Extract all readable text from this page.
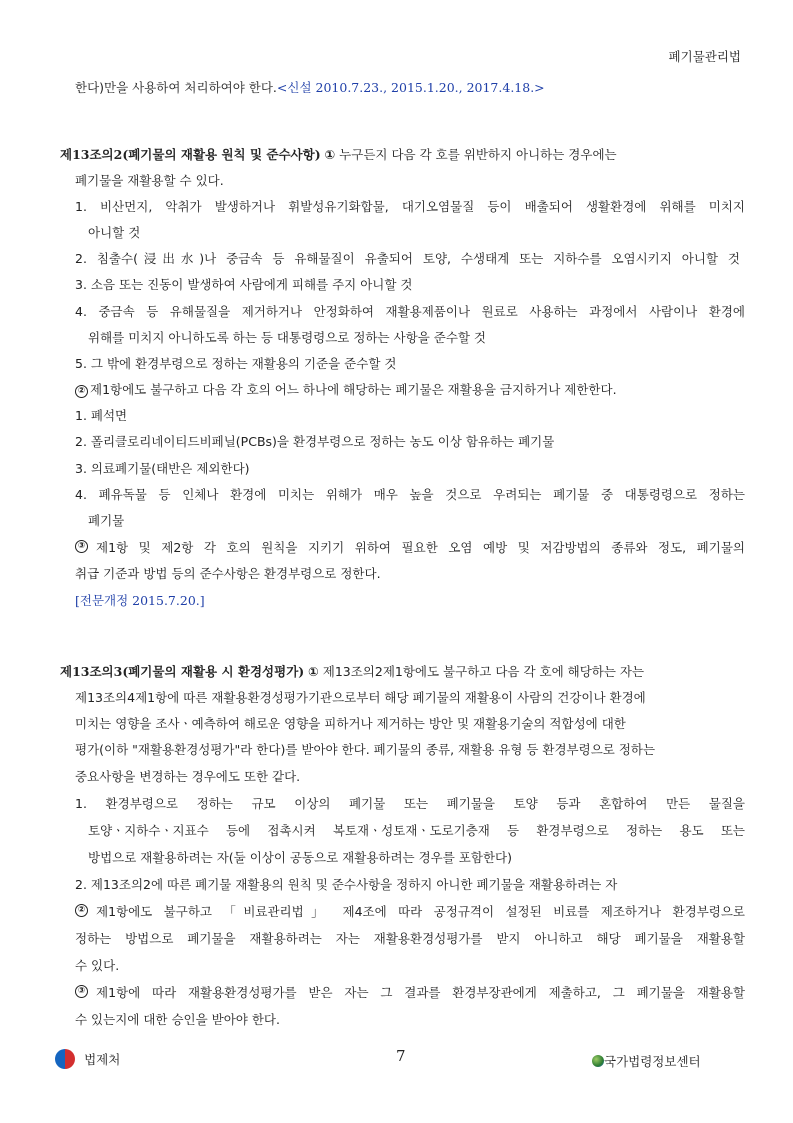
폐기물관리법
한다)만을 사용하여 처리하여야 한다.<신설 2010.7.23., 2015.1.20., 2017.4.18.>
제13조의2(폐기물의 재활용 원칙 및 준수사항) ① 누구든지 다음 각 호를 위반하지 아니하는 경우에는
폐기물을 재활용할 수 있다.
1. 비산먼지, 악취가 발생하거나 휘발성유기화합물, 대기오염물질 등이 배출되어 생활환경에 위해를 미치지
아니할 것
2. 침출수(浸出水)나 중금속 등 유해물질이 유출되어 토양, 수생태계 또는 지하수를 오염시키지 아니할 것
3. 소음 또는 진동이 발생하여 사람에게 피해를 주지 아니할 것
4. 중금속 등 유해물질을 제거하거나 안정화하여 재활용제품이나 원료로 사용하는 과정에서 사람이나 환경에
위해를 미치지 아니하도록 하는 등 대통령령으로 정하는 사항을 준수할 것
5. 그 밖에 환경부령으로 정하는 재활용의 기준을 준수할 것
② 제1항에도 불구하고 다음 각 호의 어느 하나에 해당하는 폐기물은 재활용을 금지하거나 제한한다.
1. 폐석면
2. 폴리클로리네이티드비페닐(PCBs)을 환경부령으로 정하는 농도 이상 함유하는 폐기물
3. 의료폐기물(태반은 제외한다)
4. 폐유독물 등 인체나 환경에 미치는 위해가 매우 높을 것으로 우려되는 폐기물 중 대통령령으로 정하는
폐기물
③ 제1항 및 제2항 각 호의 원칙을 지키기 위하여 필요한 오염 예방 및 저감방법의 종류와 정도, 폐기물의
취급 기준과 방법 등의 준수사항은 환경부령으로 정한다.
[전문개정 2015.7.20.]
제13조의3(폐기물의 재활용 시 환경성평가) ① 제13조의2제1항에도 불구하고 다음 각 호에 해당하는 자는
제13조의4제1항에 따른 재활용환경성평가기관으로부터 해당 폐기물의 재활용이 사람의 건강이나 환경에
미치는 영향을 조사ㆍ예측하여 해로운 영향을 피하거나 제거하는 방안 및 재활용기술의 적합성에 대한
평가(이하 "재활용환경성평가"라 한다)를 받아야 한다. 폐기물의 종류, 재활용 유형 등 환경부령으로 정하는
중요사항을 변경하는 경우에도 또한 같다.
1. 환경부령으로 정하는 규모 이상의 폐기물 또는 폐기물을 토양 등과 혼합하여 만든 물질을
토양ㆍ지하수ㆍ지표수 등에 접촉시켜 복토재ㆍ성토재ㆍ도로기층재 등 환경부령으로 정하는 용도 또는
방법으로 재활용하려는 자(둘 이상이 공동으로 재활용하려는 경우를 포함한다)
2. 제13조의2에 따른 폐기물 재활용의 원칙 및 준수사항을 정하지 아니한 폐기물을 재활용하려는 자
② 제1항에도 불구하고 「비료관리법」 제4조에 따라 공정규격이 설정된 비료를 제조하거나 환경부령으로
정하는 방법으로 폐기물을 재활용하려는 자는 재활용환경성평가를 받지 아니하고 해당 폐기물을 재활용할
수 있다.
③ 제1항에 따라 재활용환경성평가를 받은 자는 그 결과를 환경부장관에게 제출하고, 그 폐기물을 재활용할
수 있는지에 대한 승인을 받아야 한다.
법제처	7	국가법령정보센터
